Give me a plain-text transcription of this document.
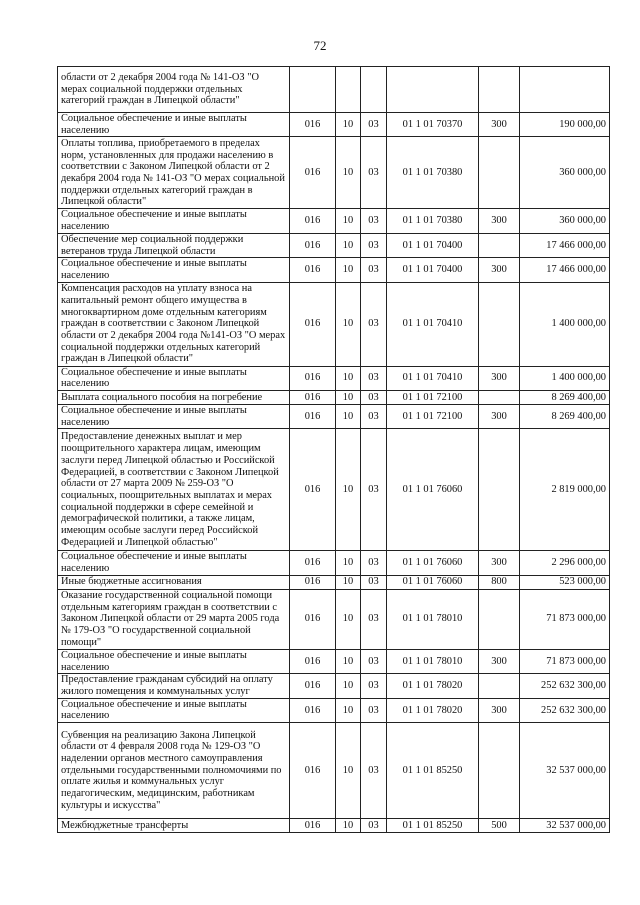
72
области от 2 декабря 2004 года № 141-ОЗ "О мерах социальной поддержки отдельных категорий граждан в Липецкой области"						
Социальное обеспечение и иные выплаты населению	016	10	03	01 1 01 70370	300	190 000,00
Оплаты топлива, приобретаемого в пределах норм, установленных для продажи населению в соответствии с Законом Липецкой области от 2 декабря 2004 года № 141-ОЗ "О мерах социальной поддержки отдельных категорий граждан в Липецкой области"	016	10	03	01 1 01 70380		360 000,00
Социальное обеспечение и иные выплаты населению	016	10	03	01 1 01 70380	300	360 000,00
Обеспечение мер социальной поддержки ветеранов труда Липецкой области	016	10	03	01 1 01 70400		17 466 000,00
Социальное обеспечение и иные выплаты населению	016	10	03	01 1 01 70400	300	17 466 000,00
Компенсация расходов на уплату взноса на капитальный ремонт общего имущества в многоквартирном доме отдельным категориям граждан в соответствии с Законом Липецкой области от 2 декабря 2004 года №141-ОЗ "О мерах социальной поддержки отдельных категорий граждан в Липецкой области"	016	10	03	01 1 01 70410		1 400 000,00
Социальное обеспечение и иные выплаты населению	016	10	03	01 1 01 70410	300	1 400 000,00
Выплата социального пособия на погребение	016	10	03	01 1 01 72100		8 269 400,00
Социальное обеспечение и иные выплаты населению	016	10	03	01 1 01 72100	300	8 269 400,00
Предоставление денежных выплат и мер поощрительного характера лицам, имеющим заслуги перед Липецкой областью и Российской Федерацией, в соответствии с Законом Липецкой области от 27 марта 2009 № 259-ОЗ "О социальных, поощрительных выплатах и мерах социальной поддержки в сфере семейной и демографической политики, а также лицам, имеющим особые заслуги перед Российской Федерацией и Липецкой областью"	016	10	03	01 1 01 76060		2 819 000,00
Социальное обеспечение и иные выплаты населению	016	10	03	01 1 01 76060	300	2 296 000,00
Иные бюджетные ассигнования	016	10	03	01 1 01 76060	800	523 000,00
Оказание государственной социальной помощи отдельным категориям граждан в соответствии с Законом Липецкой области от 29 марта 2005 года № 179-ОЗ "О государственной социальной помощи"	016	10	03	01 1 01 78010		71 873 000,00
Социальное обеспечение и иные выплаты населению	016	10	03	01 1 01 78010	300	71 873 000,00
Предоставление гражданам субсидий на оплату жилого помещения и коммунальных услуг	016	10	03	01 1 01 78020		252 632 300,00
Социальное обеспечение и иные выплаты населению	016	10	03	01 1 01 78020	300	252 632 300,00
Субвенция на реализацию Закона Липецкой области от 4 февраля 2008 года № 129-ОЗ "О наделении органов местного самоуправления отдельными государственными полномочиями по оплате жилья и коммунальных услуг педагогическим, медицинским, работникам культуры и искусства"	016	10	03	01 1 01 85250		32 537 000,00
Межбюджетные трансферты	016	10	03	01 1 01 85250	500	32 537 000,00
